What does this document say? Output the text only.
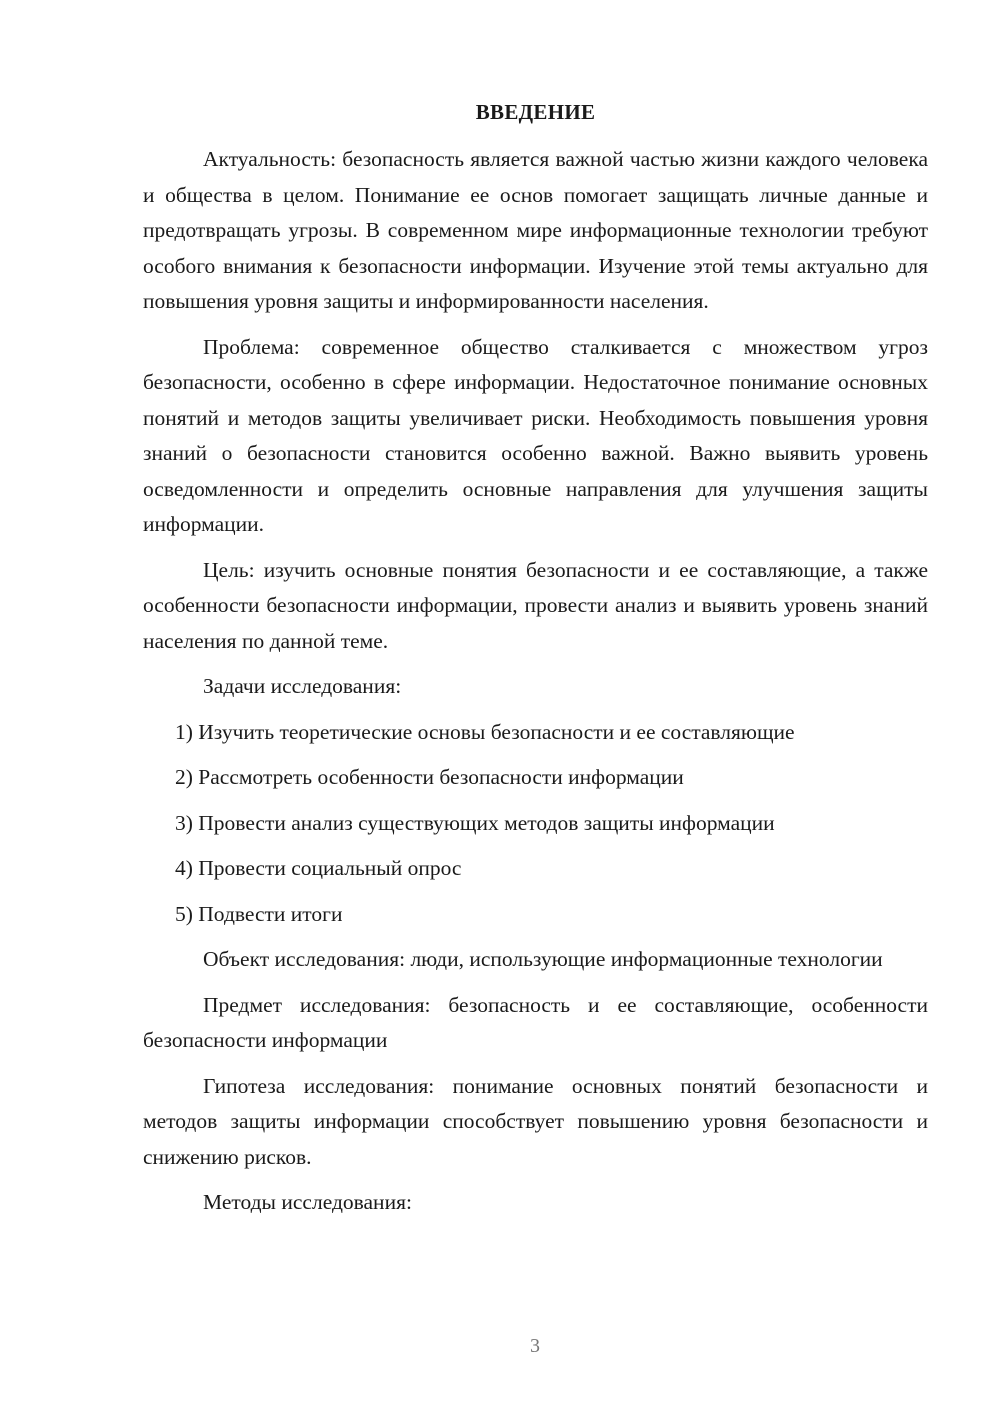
ВВЕДЕНИЕ

Актуальность: безопасность является важной частью жизни каждого человека и общества в целом. Понимание ее основ помогает защищать личные данные и предотвращать угрозы. В современном мире информационные технологии требуют особого внимания к безопасности информации. Изучение этой темы актуально для повышения уровня защиты и информированности населения.

Проблема: современное общество сталкивается с множеством угроз безопасности, особенно в сфере информации. Недостаточное понимание основных понятий и методов защиты увеличивает риски. Необходимость повышения уровня знаний о безопасности становится особенно важной. Важно выявить уровень осведомленности и определить основные направления для улучшения защиты информации.

Цель: изучить основные понятия безопасности и ее составляющие, а также особенности безопасности информации, провести анализ и выявить уровень знаний населения по данной теме.

Задачи исследования:

1) Изучить теоретические основы безопасности и ее составляющие

2) Рассмотреть особенности безопасности информации

3) Провести анализ существующих методов защиты информации

4) Провести социальный опрос

5) Подвести итоги

Объект исследования: люди, использующие информационные технологии

Предмет исследования: безопасность и ее составляющие, особенности безопасности информации

Гипотеза исследования: понимание основных понятий безопасности и методов защиты информации способствует повышению уровня безопасности и снижению рисков.

Методы исследования:

3
